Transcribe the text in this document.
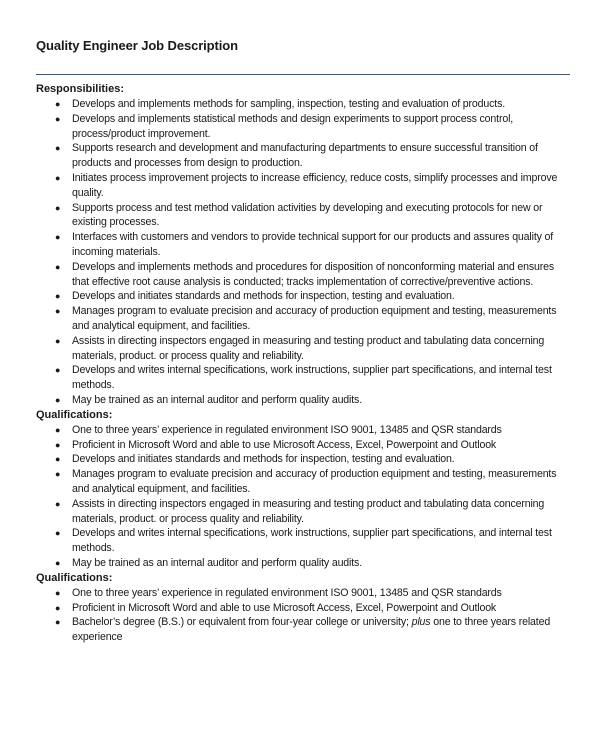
Quality Engineer Job Description
Responsibilities:
● Develops and implements methods for sampling, inspection, testing and evaluation of products.
● Develops and implements statistical methods and design experiments to support process control, process/product improvement.
● Supports research and development and manufacturing departments to ensure successful transition of products and processes from design to production.
● Initiates process improvement projects to increase efficiency, reduce costs, simplify processes and improve quality.
● Supports process and test method validation activities by developing and executing protocols for new or existing processes.
● Interfaces with customers and vendors to provide technical support for our products and assures quality of incoming materials.
● Develops and implements methods and procedures for disposition of nonconforming material and ensures that effective root cause analysis is conducted; tracks implementation of corrective/preventive actions.
● Develops and initiates standards and methods for inspection, testing and evaluation.
● Manages program to evaluate precision and accuracy of production equipment and testing, measurements and analytical equipment, and facilities.
● Assists in directing inspectors engaged in measuring and testing product and tabulating data concerning materials, product. or process quality and reliability.
● Develops and writes internal specifications, work instructions, supplier part specifications, and internal test methods.
● May be trained as an internal auditor and perform quality audits.
Qualifications:
● One to three years’ experience in regulated environment ISO 9001, 13485 and QSR standards
● Proficient in Microsoft Word and able to use Microsoft Access, Excel, Powerpoint and Outlook
● Develops and initiates standards and methods for inspection, testing and evaluation.
● Manages program to evaluate precision and accuracy of production equipment and testing, measurements and analytical equipment, and facilities.
● Assists in directing inspectors engaged in measuring and testing product and tabulating data concerning materials, product. or process quality and reliability.
● Develops and writes internal specifications, work instructions, supplier part specifications, and internal test methods.
● May be trained as an internal auditor and perform quality audits.
Qualifications:
● One to three years’ experience in regulated environment ISO 9001, 13485 and QSR standards
● Proficient in Microsoft Word and able to use Microsoft Access, Excel, Powerpoint and Outlook
● Bachelor’s degree (B.S.) or equivalent from four-year college or university; plus one to three years related experience
